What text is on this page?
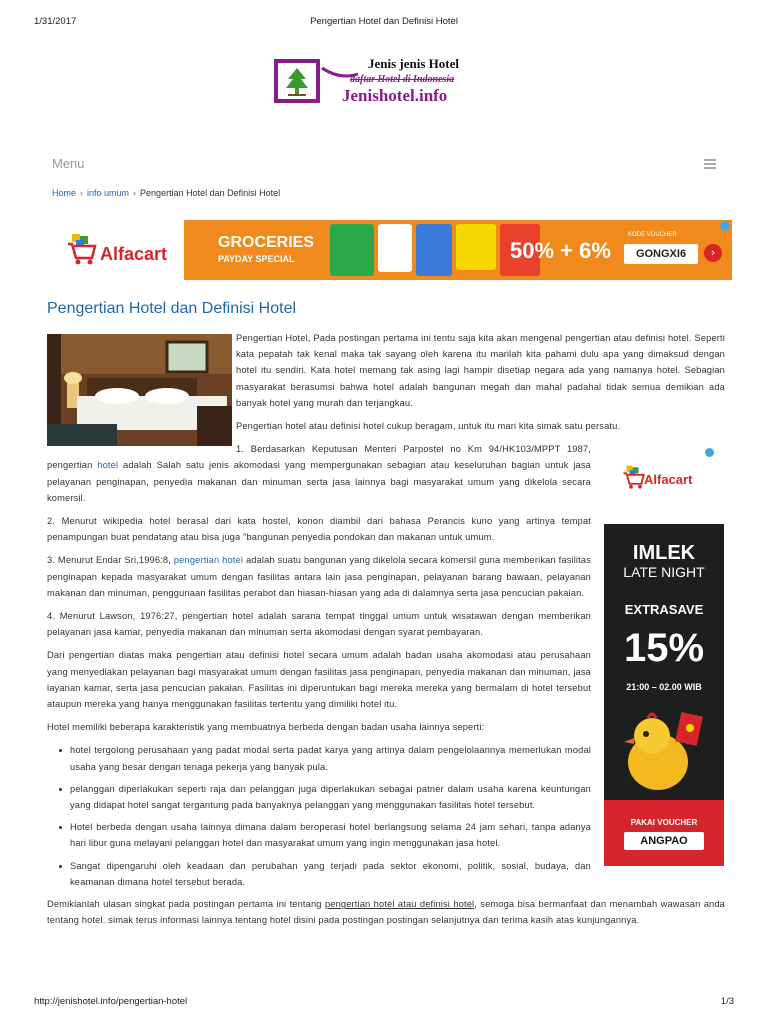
1/31/2017	Pengertian Hotel dan Definisi Hotel
Jenis jenis Hotel
daftar Hotel di Indonesia
Jenishotel.info
Menu
Home › info umum › Pengertian Hotel dan Definisi Hotel
Alfacart
GROCERIES
PAYDAY SPECIAL	50% + 6%
KODE VOUCHER
GONGXI6	›
Pengertian Hotel dan Definisi Hotel
Alfacart
IMLEK
LATE NIGHT
EXTRASAVE
15%
21:00 – 02.00 WIB
PAKAI VOUCHER
ANGPAO

Pengertian Hotel, Pada postingan pertama ini tentu saja kita akan mengenal pengertian atau definisi hotel. Seperti kata pepatah tak kenal maka tak sayang oleh karena itu marilah kita pahami dulu apa yang dimaksud dengan hotel itu sendiri. Kata hotel memang tak asing lagi hampir disetiap negara ada yang namanya hotel. Sebagian masyarakat berasumsi bahwa hotel adalah bangunan megah dan mahal padahal tidak semua demikian ada banyak hotel yang murah dan terjangkau.

Pengertian hotel atau definisi hotel cukup beragam, untuk itu mari kita simak satu persatu.

1. Berdasarkan Keputusan Menteri Parpostel no Km 94/HK103/MPPT 1987, pengertian hotel adalah Salah satu jenis akomodasi yang mempergunakan sebagian atau keseluruhan bagian untuk jasa pelayanan penginapan, penyedia makanan dan minuman serta jasa lainnya bagi masyarakat umum yang dikelola secara komersil.

2. Menurut wikipedia hotel berasal dari kata hostel, konon diambil dari bahasa Perancis kuno yang artinya tempat penampungan buat pendatang atau bisa juga "bangunan penyedia pondokan dan makanan untuk umum.

3. Menurut Endar Sri,1996:8, pengertian hotel adalah suatu bangunan yang dikelola secara komersil guna memberikan fasilitas penginapan kepada masyarakat umum dengan fasilitas antara lain jasa penginapan, pelayanan barang bawaan, pelayanan makanan dan minuman, penggunaan fasilitas perabot dan hiasan-hiasan yang ada di dalamnya serta jasa pencucian pakaian.

4. Menurut Lawson, 1976:27, pengertian hotel adalah sarana tempat tinggal umum untuk wisatawan dengan memberikan pelayanan jasa kamar, penyedia makanan dan minuman serta akomodasi dengan syarat pembayaran.

Dari pengertian diatas maka pengertian atau definisi hotel secara umum adalah badan usaha akomodasi atau perusahaan yang menyediakan pelayanan bagi masyarakat umum dengan fasilitas jasa penginapan, penyedia makanan dan minuman, jasa layanan kamar, serta jasa pencucian pakaian. Fasilitas ini diperuntukan bagi mereka mereka yang bermalam di hotel tersebut ataupun mereka yang hanya menggunakan fasilitas tertentu yang dimiliki hotel itu.

Hotel memiliki beberapa karakteristik yang membuatnya berbeda dengan badan usaha lainnya seperti:

hotel tergolong perusahaan yang padat modal serta padat karya yang artinya dalam pengelolaannya memerlukan modal usaha yang besar dengan tenaga pekerja yang banyak pula.
pelanggan diperlakukan seperti raja dan pelanggan juga diperlakukan sebagai patner dalam usaha karena keuntungan yang didapat hotel sangat tergantung pada banyaknya pelanggan yang menggunakan fasilitas hotel tersebut.
Hotel berbeda dengan usaha lainnya dimana dalam beroperasi hotel berlangsung selama 24 jam sehari, tanpa adanya hari libur guna melayani pelanggan hotel dan masyarakat umum yang ingin menggunakan jasa hotel.
Sangat dipengaruhi oleh keadaan dan perubahan yang terjadi pada sektor ekonomi, politik, sosial, budaya, dan keamanan dimana hotel tersebut berada.

Demikianlah ulasan singkat pada postingan pertama ini tentang pengertian hotel atau definisi hotel, semoga bisa bermanfaat dan menambah wawasan anda tentang hotel. simak terus informasi lainnya tentang hotel disini pada postingan postingan selanjutnya dan terima kasih atas kunjungannya.

http://jenishotel.info/pengertian-hotel	1/3
